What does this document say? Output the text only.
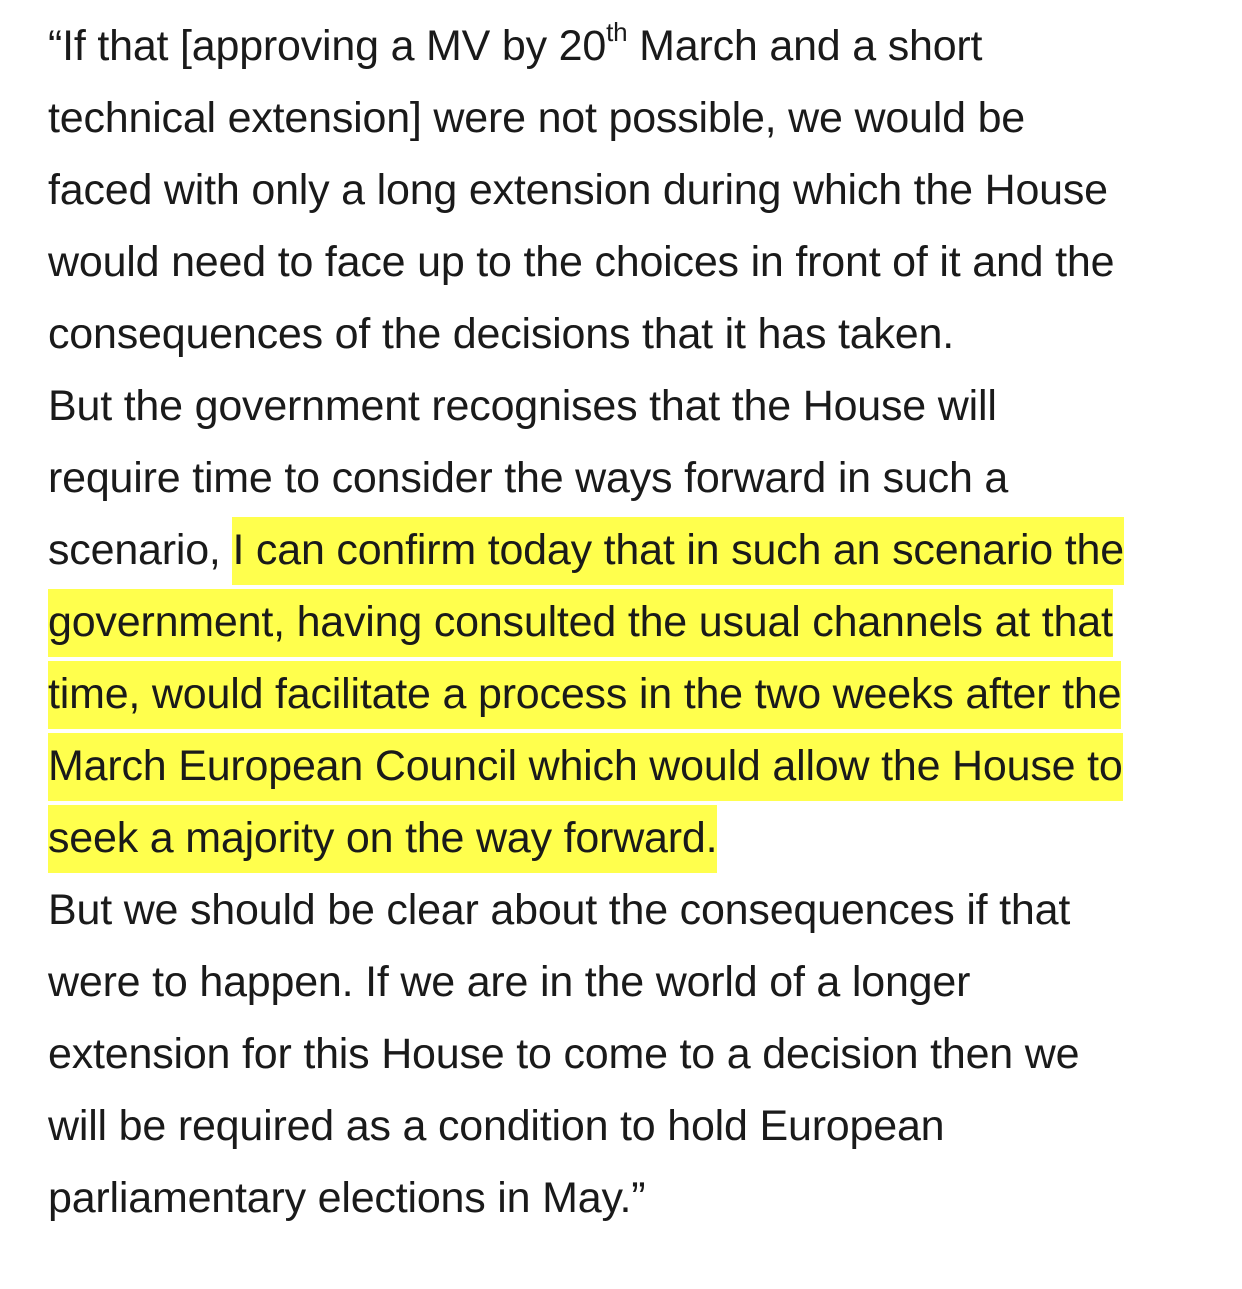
“If that [approving a MV by 20th March and a short
technical extension] were not possible, we would be
faced with only a long extension during which the House
would need to face up to the choices in front of it and the
consequences of the decisions that it has taken.

But the government recognises that the House will
require time to consider the ways forward in such a
scenario, I can confirm today that in such an scenario the
government, having consulted the usual channels at that
time, would facilitate a process in the two weeks after the
March European Council which would allow the House to
seek a majority on the way forward.

But we should be clear about the consequences if that
were to happen. If we are in the world of a longer
extension for this House to come to a decision then we
will be required as a condition to hold European
parliamentary elections in May.”
